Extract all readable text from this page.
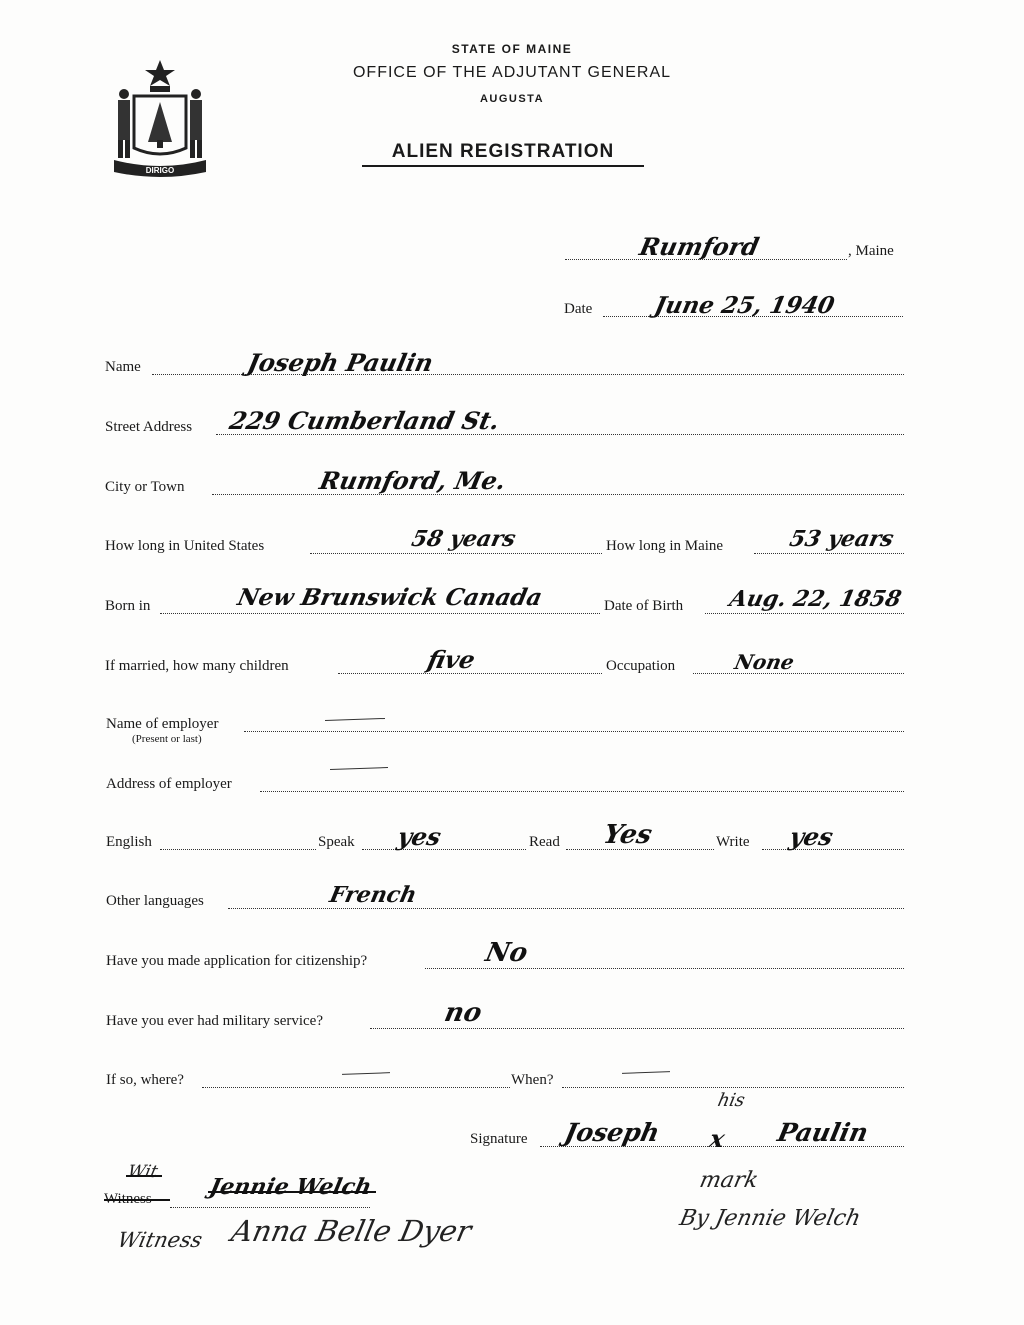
DIRIGO
STATE OF MAINE
OFFICE OF THE ADJUTANT GENERAL
AUGUSTA
ALIEN REGISTRATION
Rumford	, Maine
Date	June 25, 1940
Name	Joseph Paulin
Street Address 229 Cumberland St.
City or Town	Rumford, Me.
How long in United States	58 years	How long in Maine	53 years
Born in	New Brunswick Canada	Date of Birth Aug. 22, 1858
If married, how many children	five	Occupation	None
Name of employer
(Present or last)
Address of employer
English	Speak yes	Read Yes	Write yes
Other languages	French
Have you made application for citizenship?	No
Have you ever had military service?	no
If so, where?	When?
Signature Joseph
his
x Paulin
mark
By Jennie Welch
Witness
Wit
Jennie Welch
Witness Anna Belle Dyer
